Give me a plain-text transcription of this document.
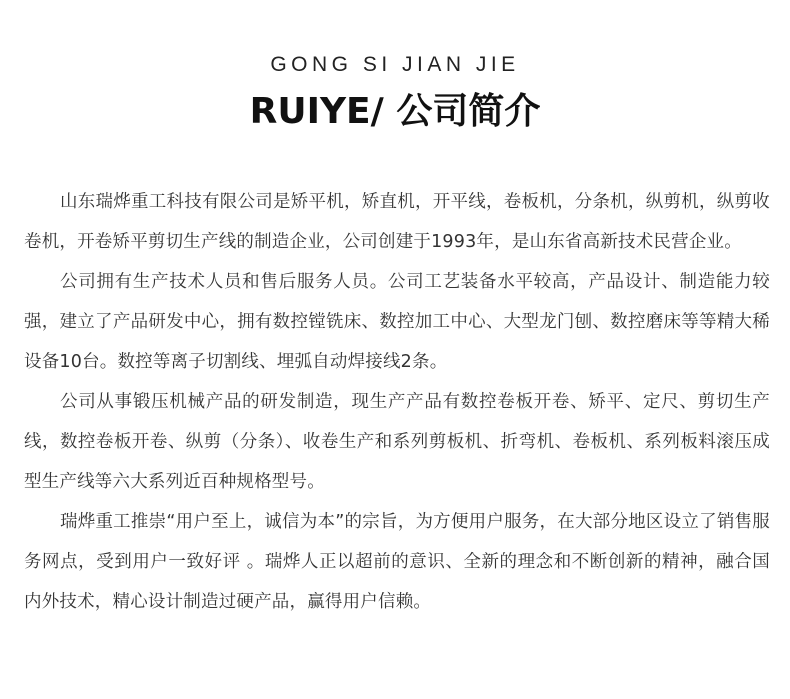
GONG SI JIAN JIE
RUIYE/ 公司简介

山东瑞烨重工科技有限公司是矫平机，矫直机，开平线，卷板机，分条机，纵剪机，纵剪收卷机，开卷矫平剪切生产线的制造企业，公司创建于1993年，是山东省高新技术民营企业。

公司拥有生产技术人员和售后服务人员。公司工艺装备水平较高，产品设计、制造能力较强，建立了产品研发中心，拥有数控镗铣床、数控加工中心、大型龙门刨、数控磨床等等精大稀设备10台。数控等离子切割线、埋弧自动焊接线2条。

公司从事锻压机械产品的研发制造，现生产产品有数控卷板开卷、矫平、定尺、剪切生产线，数控卷板开卷、纵剪（分条）、收卷生产和系列剪板机、折弯机、卷板机、系列板料滚压成型生产线等六大系列近百种规格型号。

瑞烨重工推崇“用户至上，诚信为本”的宗旨，为方便用户服务，在大部分地区设立了销售服务网点，受到用户一致好评 。瑞烨人正以超前的意识、全新的理念和不断创新的精神，融合国内外技术，精心设计制造过硬产品，赢得用户信赖。
